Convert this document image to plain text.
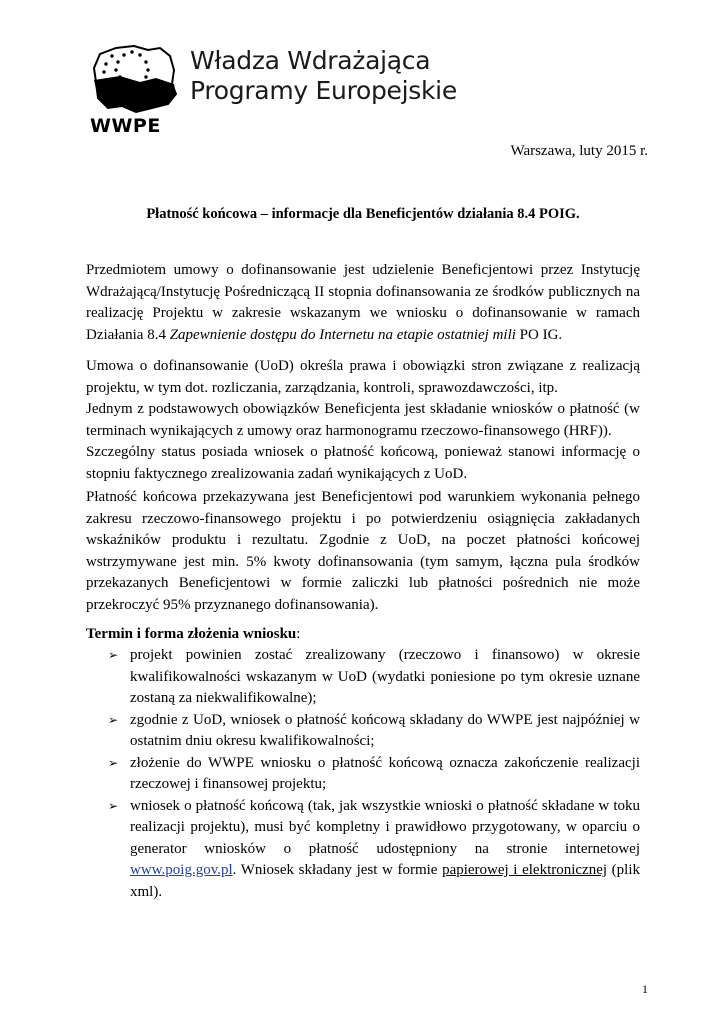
WWPE
Władza Wdrażająca
Programy Europejskie
Warszawa, luty 2015 r.
Płatność końcowa – informacje dla Beneficjentów działania 8.4 POIG.
Przedmiotem umowy o dofinansowanie jest udzielenie Beneficjentowi przez Instytucję Wdrażającą/Instytucję Pośredniczącą II stopnia dofinansowania ze środków publicznych na realizację Projektu w zakresie wskazanym we wniosku o dofinansowanie w ramach Działania 8.4 Zapewnienie dostępu do Internetu na etapie ostatniej mili PO IG.
Umowa o dofinansowanie (UoD) określa prawa i obowiązki stron związane z realizacją projektu, w tym dot. rozliczania, zarządzania, kontroli, sprawozdawczości, itp.
Jednym z podstawowych obowiązków Beneficjenta jest składanie wniosków o płatność (w terminach wynikających z umowy oraz harmonogramu rzeczowo-finansowego (HRF)).
Szczególny status posiada wniosek o płatność końcową, ponieważ stanowi informację o stopniu faktycznego zrealizowania zadań wynikających z UoD.
Płatność końcowa przekazywana jest Beneficjentowi pod warunkiem wykonania pełnego zakresu rzeczowo-finansowego projektu i po potwierdzeniu osiągnięcia zakładanych wskaźników produktu i rezultatu. Zgodnie z UoD, na poczet płatności końcowej wstrzymywane jest min. 5% kwoty dofinansowania (tym samym, łączna pula środków przekazanych Beneficjentowi w formie zaliczki lub płatności pośrednich nie może przekroczyć 95% przyznanego dofinansowania).
Termin i forma złożenia wniosku:
➢ projekt powinien zostać zrealizowany (rzeczowo i finansowo) w okresie kwalifikowalności wskazanym w UoD (wydatki poniesione po tym okresie uznane zostaną za niekwalifikowalne);
➢ zgodnie z UoD, wniosek o płatność końcową składany do WWPE jest najpóźniej w ostatnim dniu okresu kwalifikowalności;
➢ złożenie do WWPE wniosku o płatność końcową oznacza zakończenie realizacji rzeczowej i finansowej projektu;
➢ wniosek o płatność końcową (tak, jak wszystkie wnioski o płatność składane w toku realizacji projektu), musi być kompletny i prawidłowo przygotowany, w oparciu o generator wniosków o płatność udostępniony na stronie internetowej www.poig.gov.pl. Wniosek składany jest w formie papierowej i elektronicznej (plik xml).
1
